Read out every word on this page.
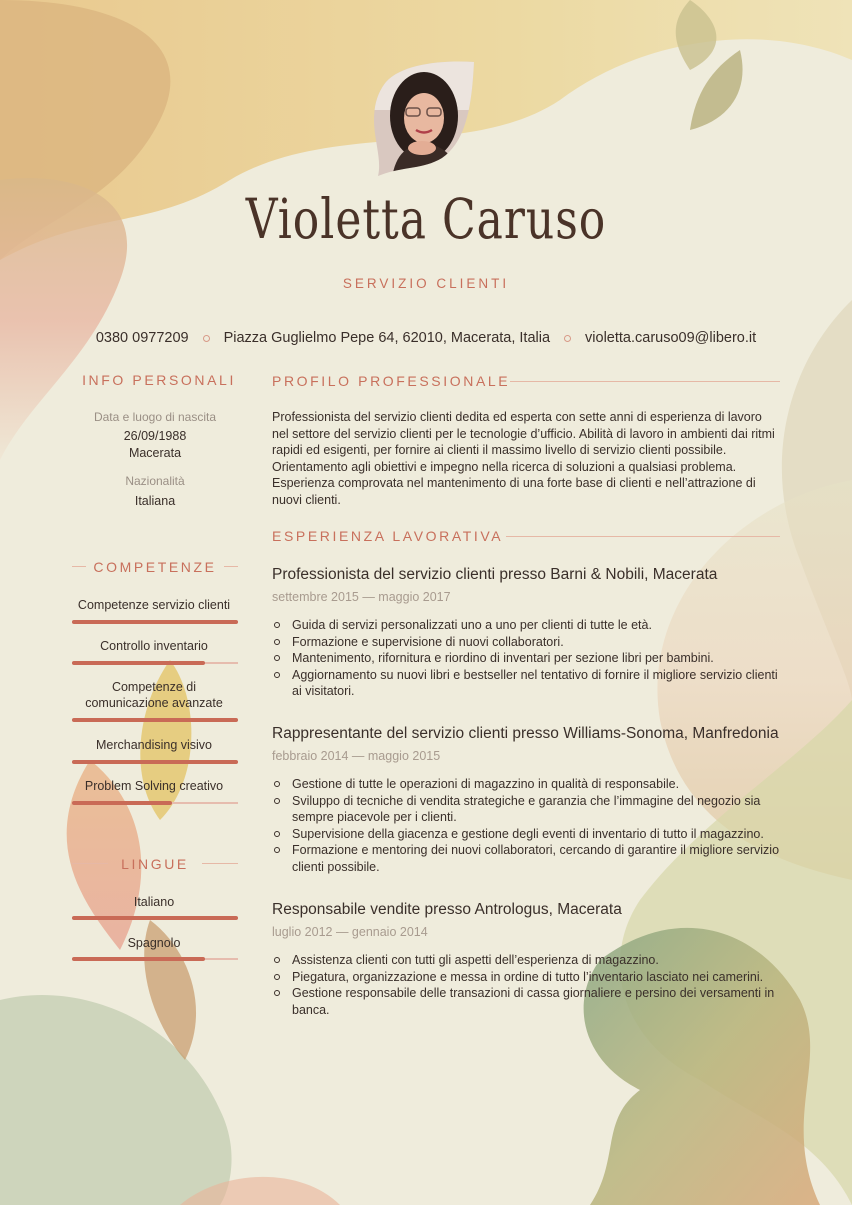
Violetta Caruso
SERVIZIO CLIENTI
0380 0977209 Piazza Guglielmo Pepe 64, 62010, Macerata, Italia violetta.caruso09@libero.it
INFO PERSONALI
Data e luogo di nascita
26/09/1988
Macerata
Nazionalità
Italiana
COMPETENZE
Competenze servizio clienti
Controllo inventario
Competenze di comunicazione avanzate
Merchandising visivo
Problem Solving creativo
LINGUE
Italiano
Spagnolo
PROFILO PROFESSIONALE
Professionista del servizio clienti dedita ed esperta con sette anni di esperienza di lavoro nel settore del servizio clienti per le tecnologie d’ufficio. Abilità di lavoro in ambienti dai ritmi rapidi ed esigenti, per fornire ai clienti il massimo livello di servizio clienti possibile. Orientamento agli obiettivi e impegno nella ricerca di soluzioni a qualsiasi problema. Esperienza comprovata nel mantenimento di una forte base di clienti e nell’attrazione di nuovi clienti.
ESPERIENZA LAVORATIVA
Professionista del servizio clienti presso Barni & Nobili, Macerata
settembre 2015 — maggio 2017
Guida di servizi personalizzati uno a uno per clienti di tutte le età.
Formazione e supervisione di nuovi collaboratori.
Mantenimento, rifornitura e riordino di inventari per sezione libri per bambini.
Aggiornamento su nuovi libri e bestseller nel tentativo di fornire il migliore servizio clienti ai visitatori.
Rappresentante del servizio clienti presso Williams-Sonoma, Manfredonia
febbraio 2014 — maggio 2015
Gestione di tutte le operazioni di magazzino in qualità di responsabile.
Sviluppo di tecniche di vendita strategiche e garanzia che l’immagine del negozio sia sempre piacevole per i clienti.
Supervisione della giacenza e gestione degli eventi di inventario di tutto il magazzino.
Formazione e mentoring dei nuovi collaboratori, cercando di garantire il migliore servizio clienti possibile.
Responsabile vendite presso Antrologus, Macerata
luglio 2012 — gennaio 2014
Assistenza clienti con tutti gli aspetti dell’esperienza di magazzino.
Piegatura, organizzazione e messa in ordine di tutto l’inventario lasciato nei camerini.
Gestione responsabile delle transazioni di cassa giornaliere e persino dei versamenti in banca.
